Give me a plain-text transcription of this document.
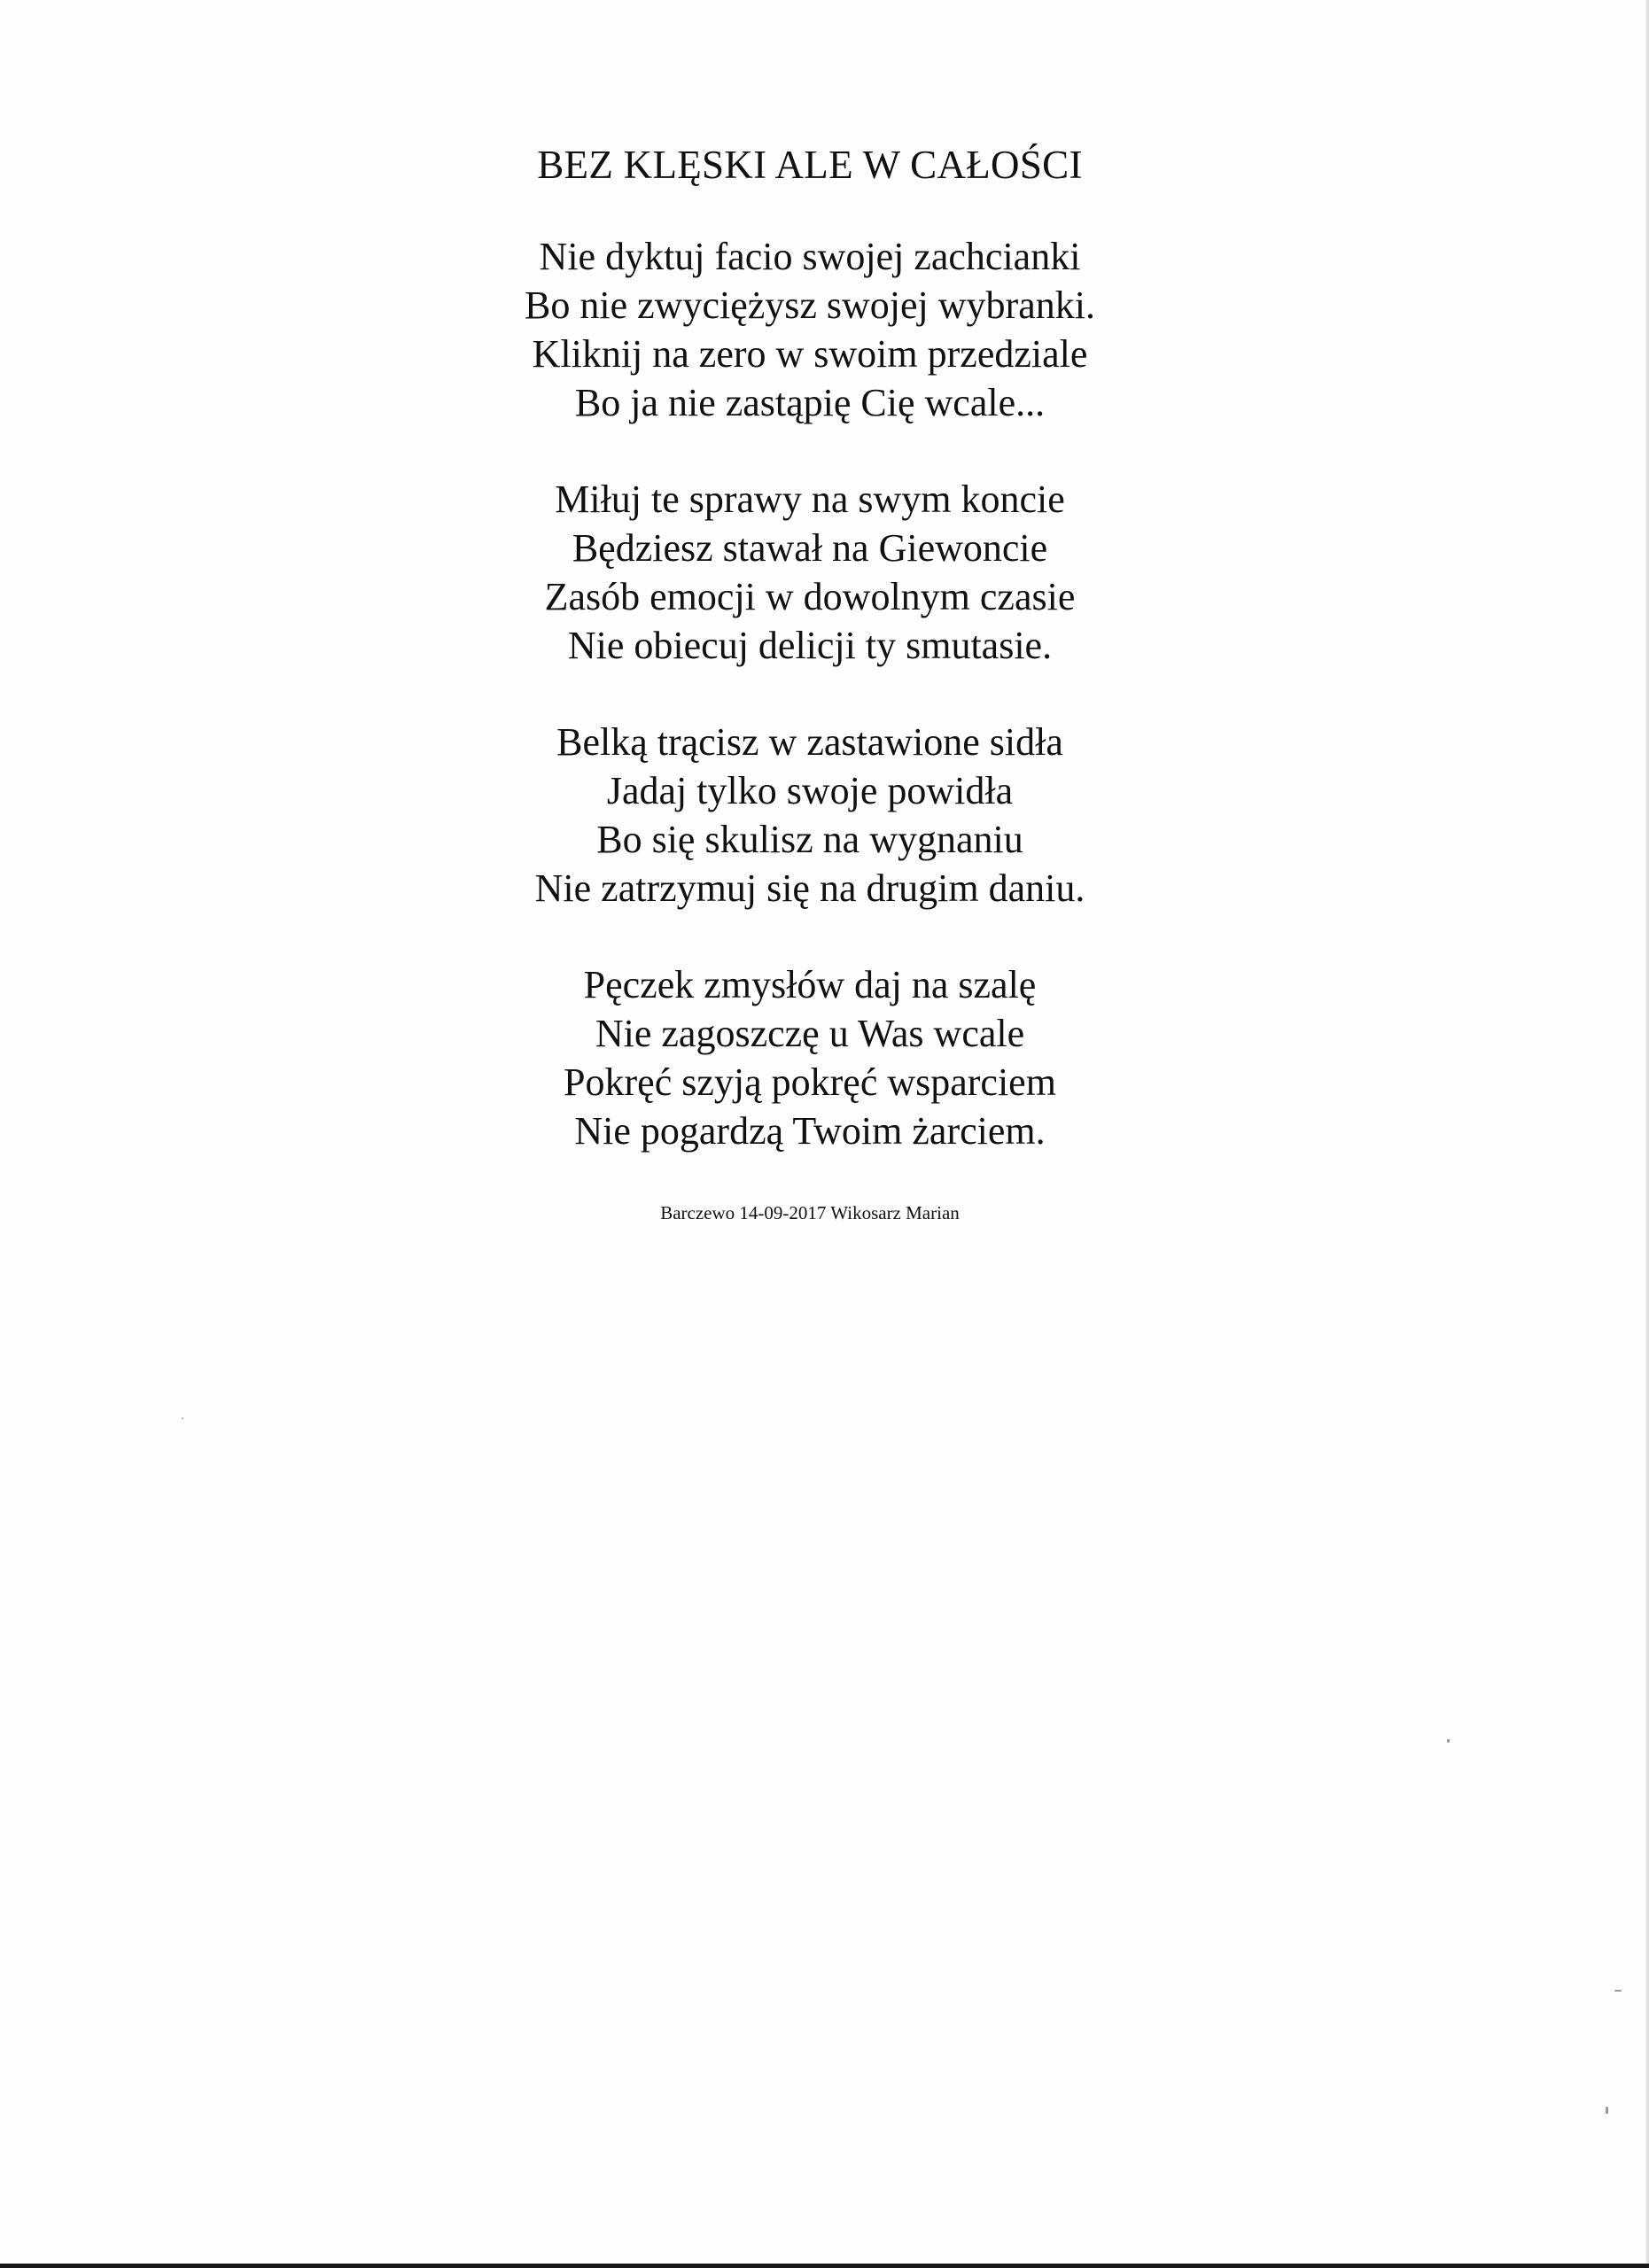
BEZ KLĘSKI ALE W CAŁOŚCI
Nie dyktuj facio swojej zachcianki
Bo nie zwyciężysz swojej wybranki.
Kliknij na zero w swoim przedziale
Bo ja nie zastąpię Cię wcale...
Miłuj te sprawy na swym koncie
Będziesz stawał na Giewoncie
Zasób emocji w dowolnym czasie
Nie obiecuj delicji ty smutasie.
Belką trącisz w zastawione sidła
Jadaj tylko swoje powidła
Bo się skulisz na wygnaniu
Nie zatrzymuj się na drugim daniu.
Pęczek zmysłów daj na szalę
Nie zagoszczę u Was wcale
Pokręć szyją pokręć wsparciem
Nie pogardzą Twoim żarciem.
Barczewo 14-09-2017 Wikosarz Marian
